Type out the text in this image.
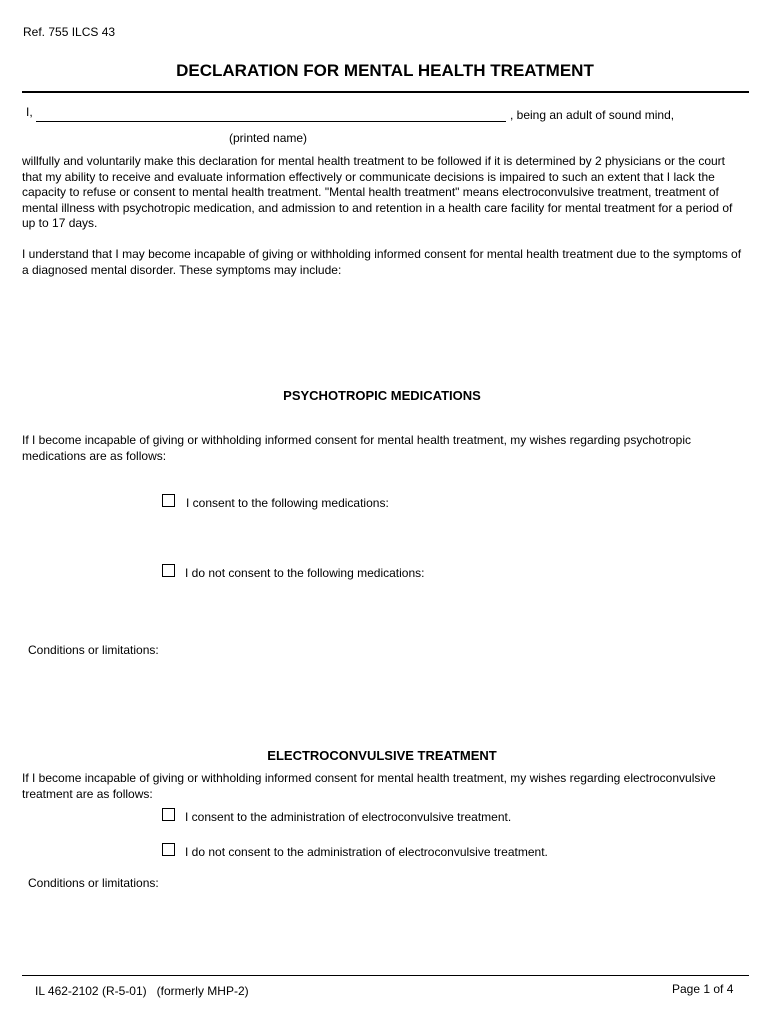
Ref. 755 ILCS 43
DECLARATION FOR MENTAL HEALTH TREATMENT
I,	, being an adult of sound mind,
(printed name)
willfully and voluntarily make this declaration for mental health treatment to be followed if it is determined by 2 physicians or the court that my ability to receive and evaluate information effectively or communicate decisions is impaired to such an extent that I lack the capacity to refuse or consent to mental health treatment. "Mental health treatment" means electroconvulsive treatment, treatment of mental illness with psychotropic medication, and admission to and retention in a health care facility for mental treatment for a period of up to 17 days.
I understand that I may become incapable of giving or withholding informed consent for mental health treatment due to the symptoms of a diagnosed mental disorder. These symptoms may include:
PSYCHOTROPIC MEDICATIONS
If I become incapable of giving or withholding informed consent for mental health treatment, my wishes regarding psychotropic medications are as follows:
I consent to the following medications:
I do not consent to the following medications:
Conditions or limitations:
ELECTROCONVULSIVE TREATMENT
If I become incapable of giving or withholding informed consent for mental health treatment, my wishes regarding electroconvulsive treatment are as follows:
I consent to the administration of electroconvulsive treatment.
I do not consent to the administration of electroconvulsive treatment.
Conditions or limitations:
IL 462-2102 (R-5-01)   (formerly MHP-2)	Page 1 of 4
